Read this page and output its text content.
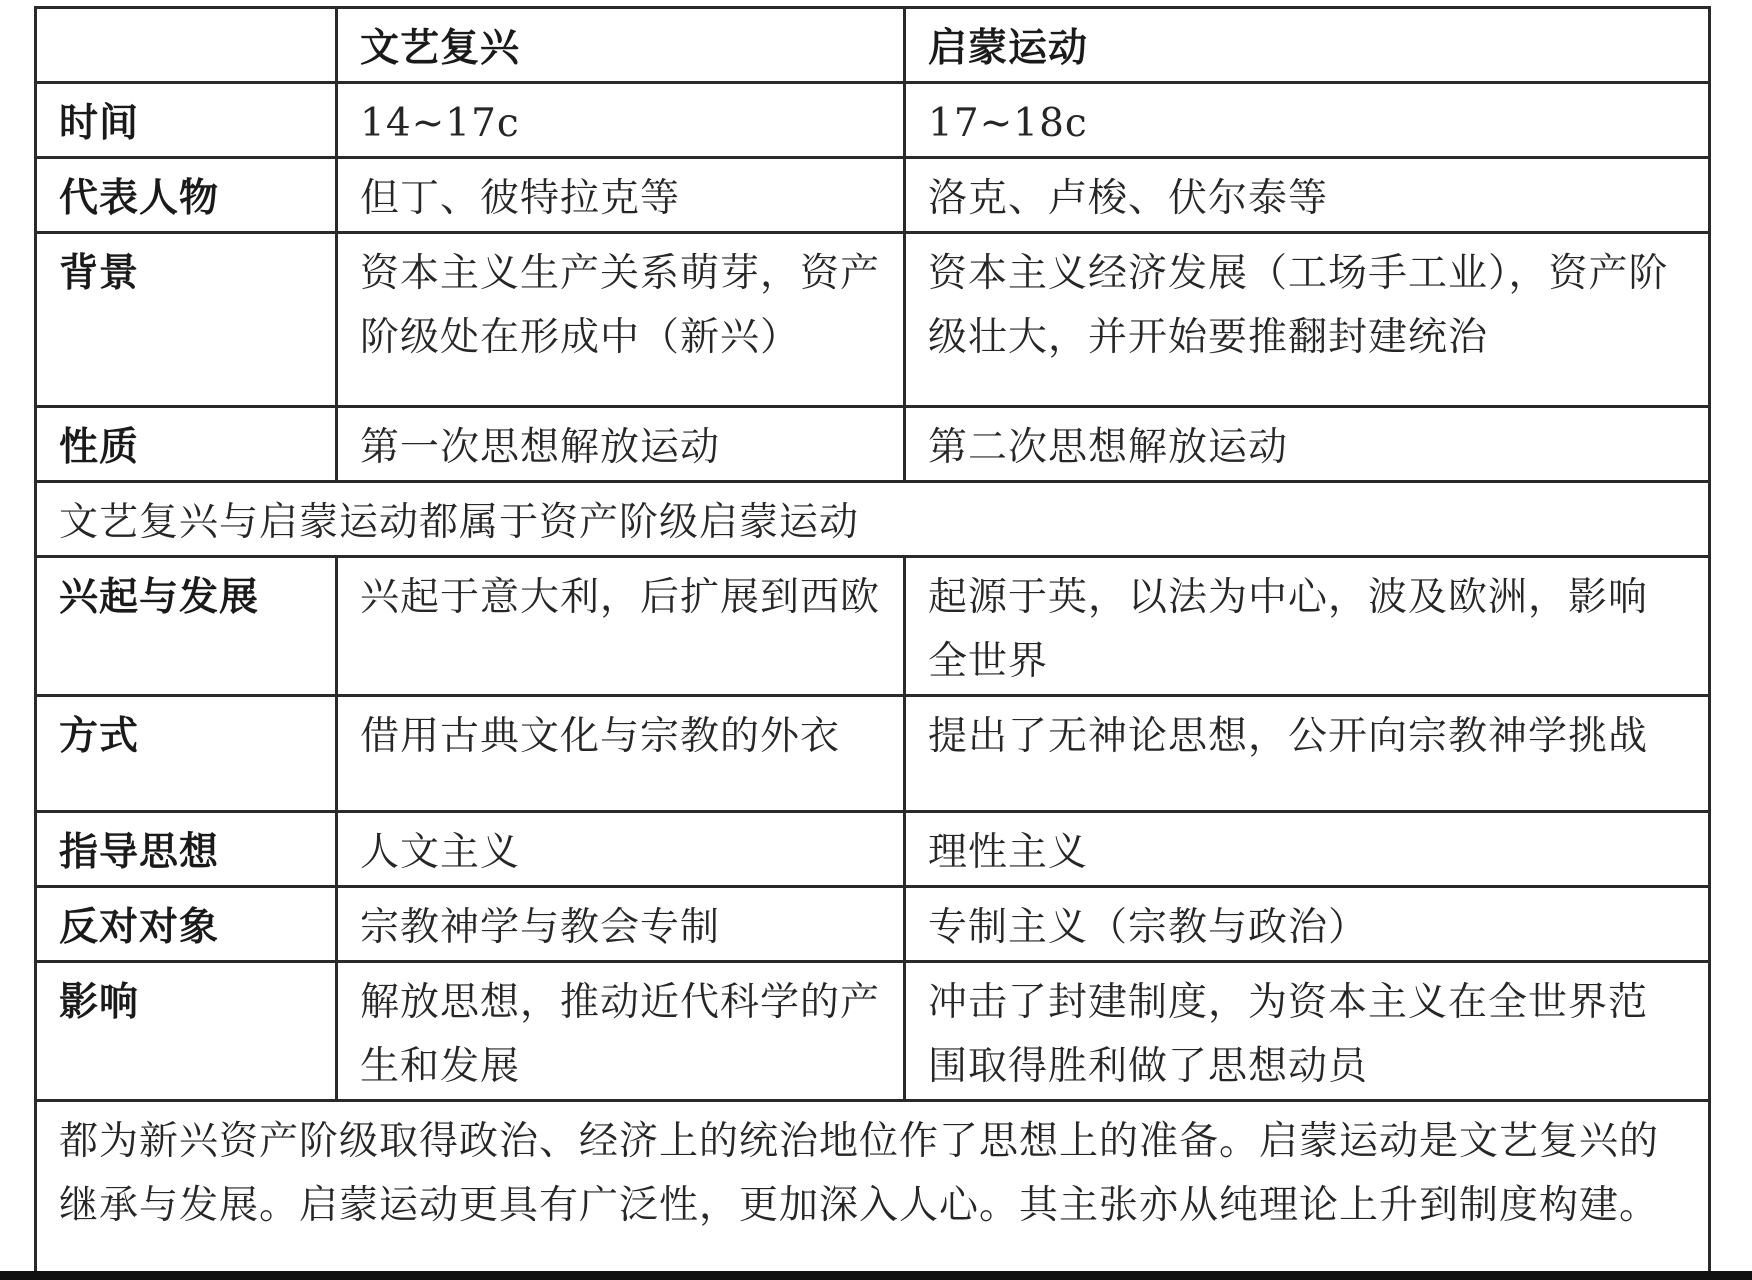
	文艺复兴	启蒙运动
时间	14~17c	17~18c
代表人物	但丁、彼特拉克等	洛克、卢梭、伏尔泰等
背景	资本主义生产关系萌芽，资产阶级处在形成中（新兴）	资本主义经济发展（工场手工业），资产阶级壮大，并开始要推翻封建统治
性质	第一次思想解放运动	第二次思想解放运动
文艺复兴与启蒙运动都属于资产阶级启蒙运动		
兴起与发展	兴起于意大利，后扩展到西欧	起源于英，以法为中心，波及欧洲，影响全世界
方式	借用古典文化与宗教的外衣	提出了无神论思想，公开向宗教神学挑战
指导思想	人文主义	理性主义
反对对象	宗教神学与教会专制	专制主义（宗教与政治）
影响	解放思想，推动近代科学的产生和发展	冲击了封建制度，为资本主义在全世界范围取得胜利做了思想动员
都为新兴资产阶级取得政治、经济上的统治地位作了思想上的准备。启蒙运动是文艺复兴的继承与发展。启蒙运动更具有广泛性，更加深入人心。其主张亦从纯理论上升到制度构建。		
